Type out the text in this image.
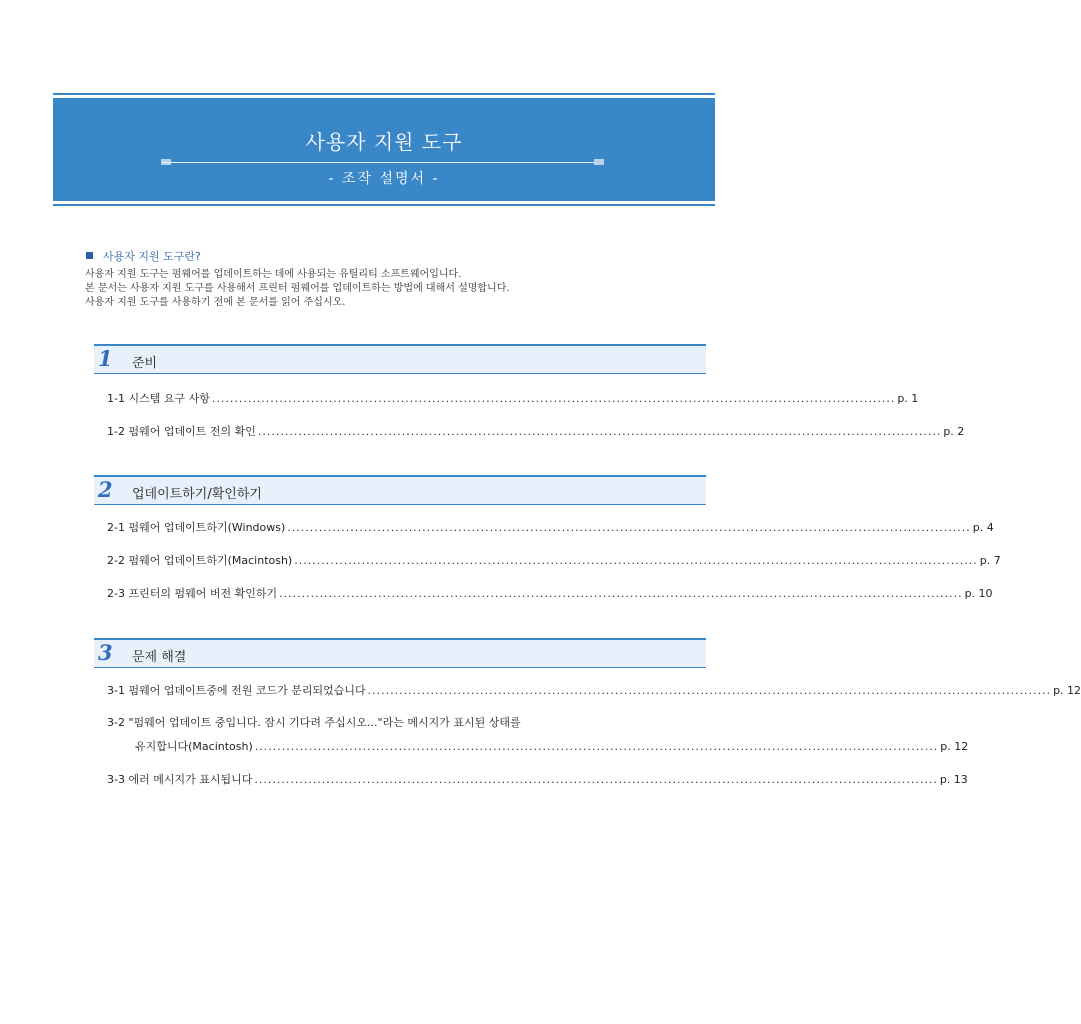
사용자 지원 도구
- 조작 설명서 -
사용자 지원 도구란?
사용자 지원 도구는 펌웨어를 업데이트하는 데에 사용되는 유틸리티 소프트웨어입니다.
본 문서는 사용자 지원 도구를 사용해서 프린터 펌웨어를 업데이트하는 방법에 대해서 설명합니다.
사용자 지원 도구를 사용하기 전에 본 문서를 읽어 주십시오.
1 준비
1-1 시스템 요구 사항 ........................................................................................................................................................ p. 1
1-2 펌웨어 업데이트 전의 확인 ........................................................................................................................................................ p. 2
2 업데이트하기/확인하기
2-1 펌웨어 업데이트하기(Windows) ........................................................................................................................................................ p. 4
2-2 펌웨어 업데이트하기(Macintosh) ........................................................................................................................................................ p. 7
2-3 프린터의 펌웨어 버전 확인하기 ........................................................................................................................................................ p. 10
3 문제 해결
3-1 펌웨어 업데이트중에 전원 코드가 분리되었습니다 ........................................................................................................................................................ p. 12
3-2 "펌웨어 업데이트 중입니다. 잠시 기다려 주십시오..."라는 메시지가 표시된 상태를
유지합니다(Macintosh) ........................................................................................................................................................ p. 12
3-3 에러 메시지가 표시됩니다 ........................................................................................................................................................ p. 13
